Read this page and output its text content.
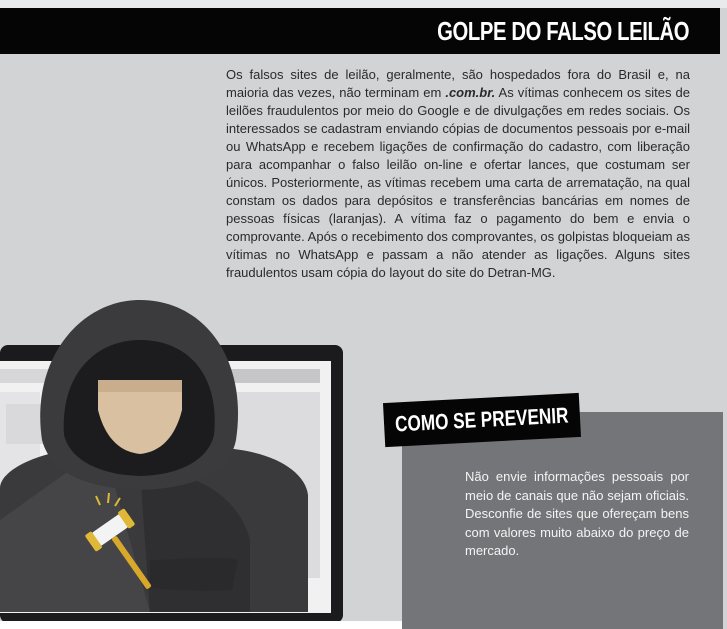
GOLPE DO FALSO LEILÃO

Os falsos sites de leilão, geralmente, são hospedados fora do Brasil e, na maioria das vezes, não terminam em .com.br. As vítimas conhecem os sites de leilões fraudulentos por meio do Google e de divulgações em redes sociais. Os interessados se cadastram enviando cópias de documentos pessoais por e-mail ou WhatsApp e recebem ligações de confirmação do cadastro, com liberação para acompanhar o falso leilão on-line e ofertar lances, que costumam ser únicos. Posteriormente, as vítimas recebem uma carta de arrematação, na qual constam os dados para depósitos e transferências bancárias em nomes de pessoas físicas (laranjas). A vítima faz o pagamento do bem e envia o comprovante. Após o recebimento dos comprovantes, os golpistas bloqueiam as vítimas no WhatsApp e passam a não atender as ligações. Alguns sites fraudulentos usam cópia do layout do site do Detran-MG.

COMO SE PREVENIR

Não envie informações pessoais por meio de canais que não sejam oficiais. Desconfie de sites que ofereçam bens com valores muito abaixo do preço de mercado.
